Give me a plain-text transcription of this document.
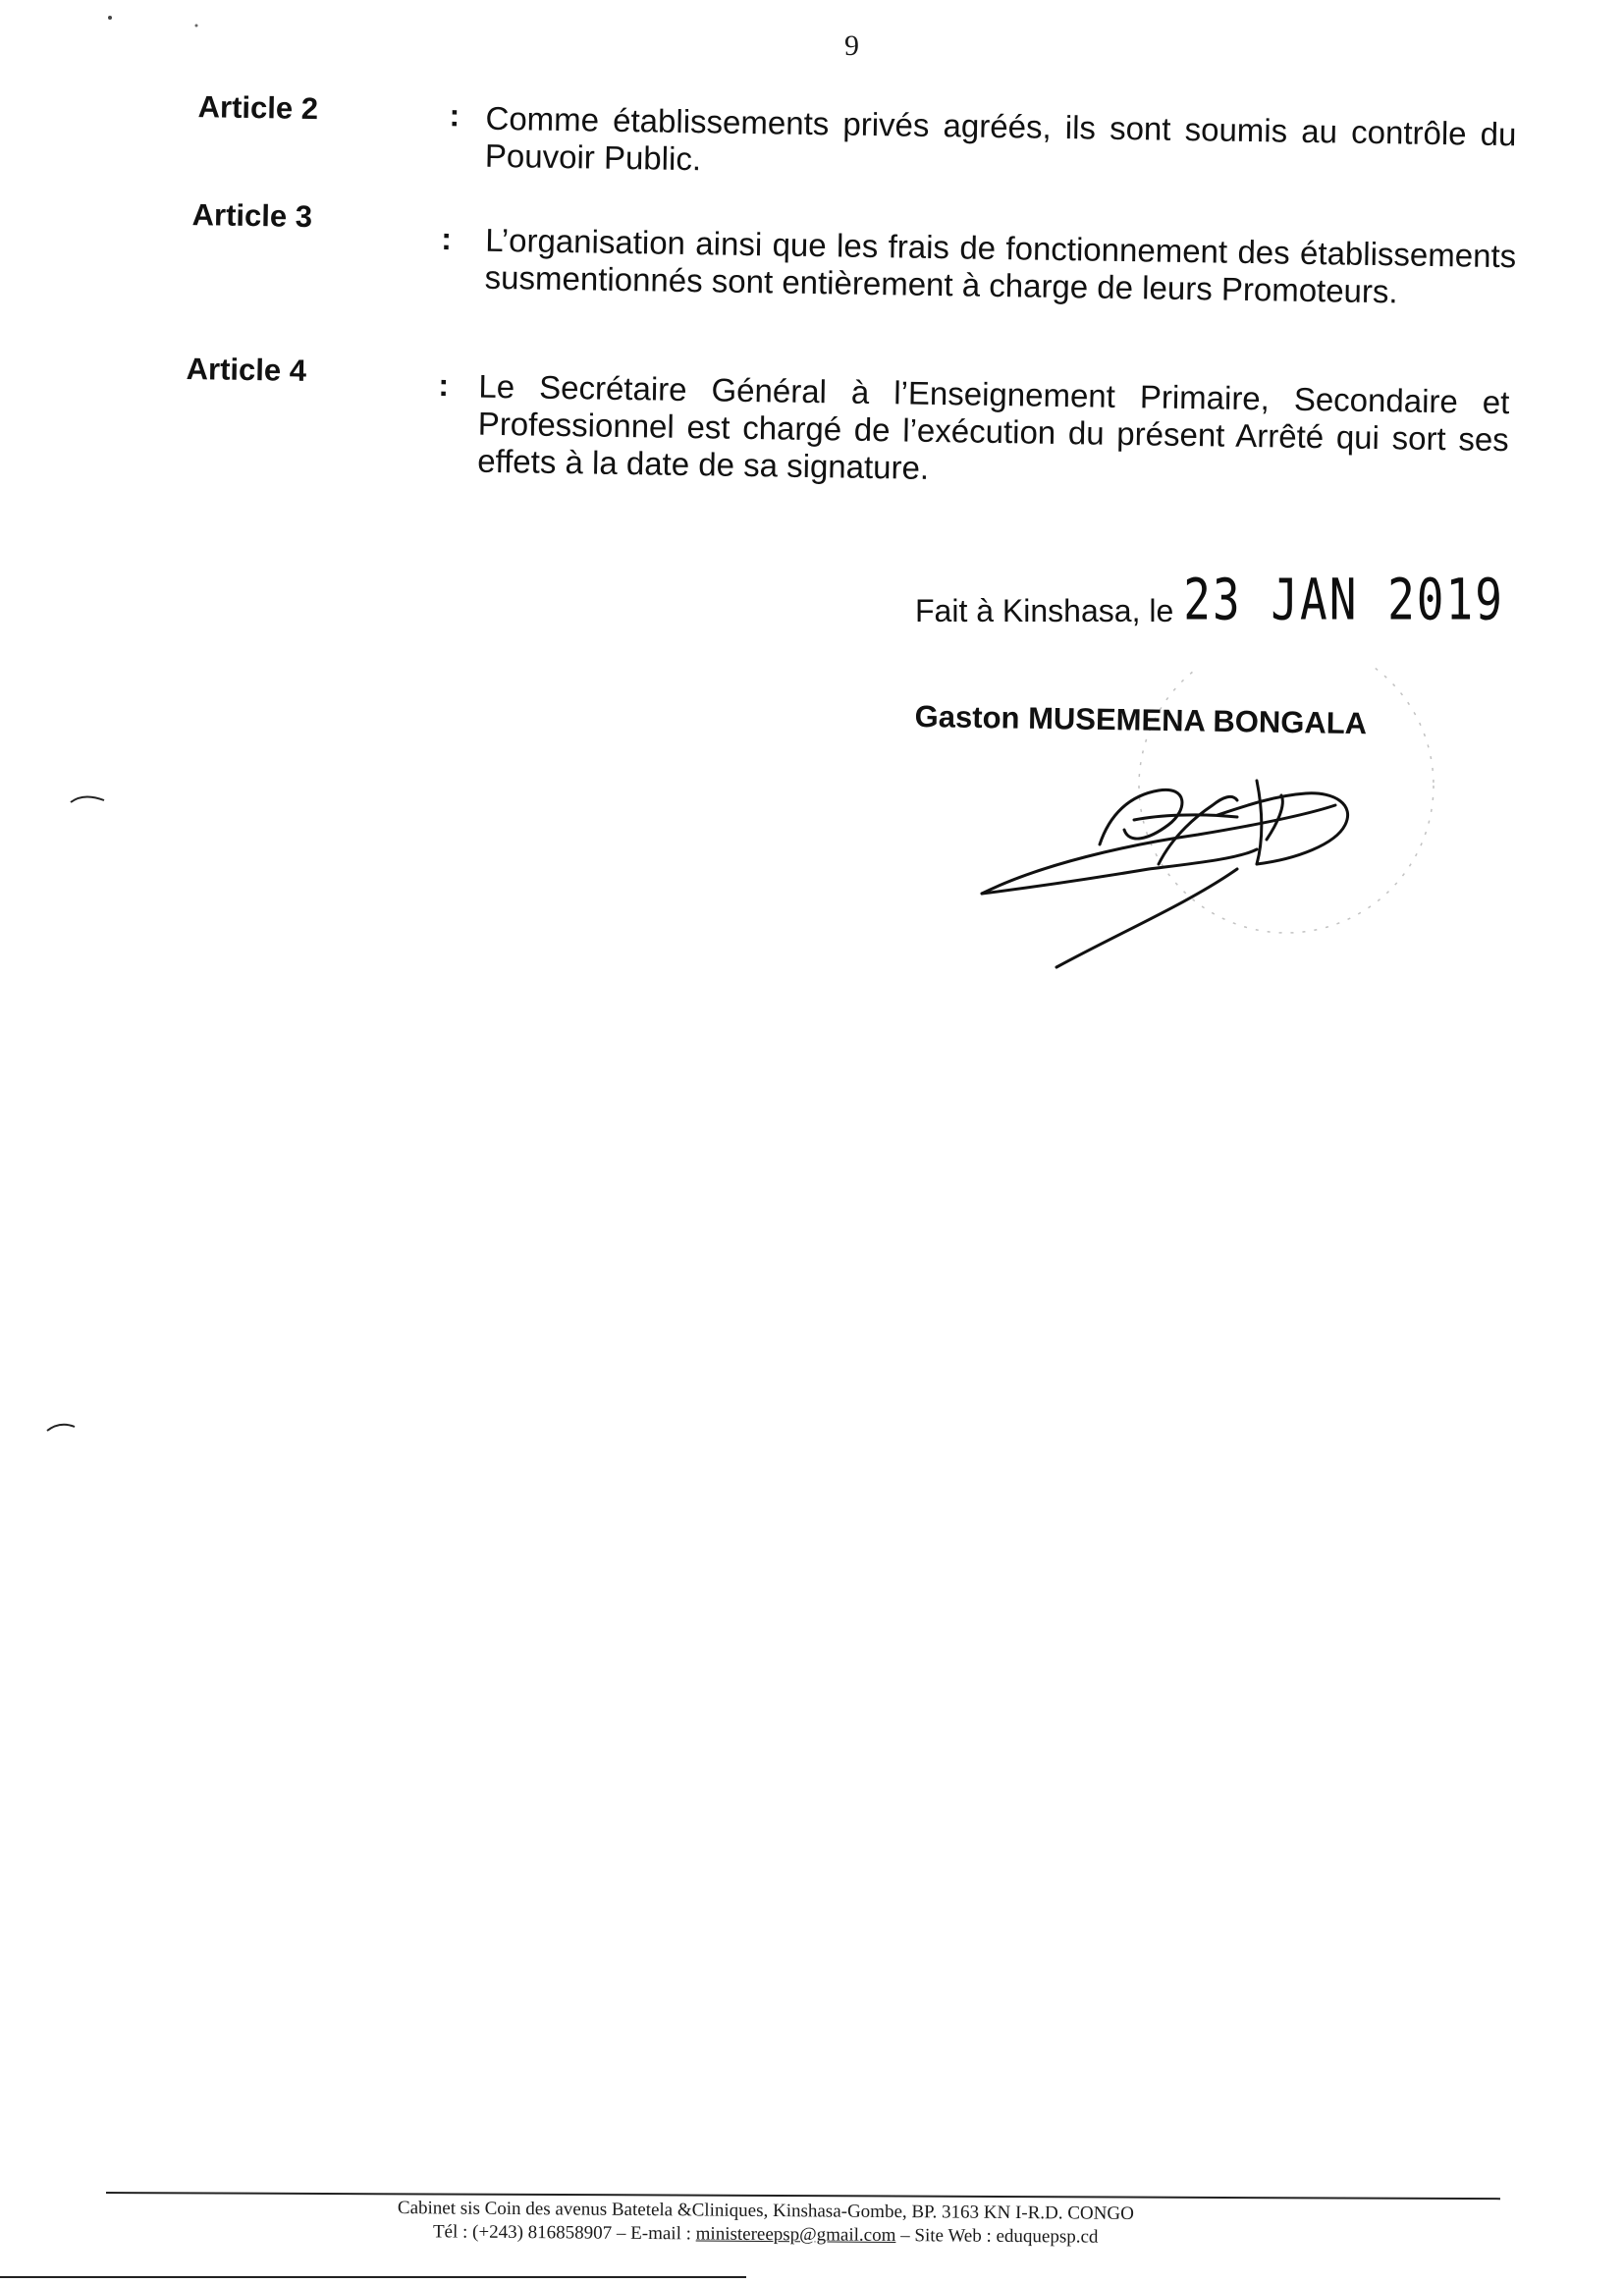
9
Article 2	: Comme établissements privés agréés, ils sont soumis au contrôle du Pouvoir Public.
Article 3
: L’organisation ainsi que les frais de fonctionnement des établissements susmentionnés sont entièrement à charge de leurs Promoteurs.
Article 4	: Le Secrétaire Général à l’Enseignement Primaire, Secondaire et Professionnel est chargé de l’exécution du présent Arrêté qui sort ses effets à la date de sa signature.
Fait à Kinshasa, le 23 JAN 2019
Gaston MUSEMENA BONGALA
Cabinet sis Coin des avenus Batetela &Cliniques, Kinshasa-Gombe, BP. 3163 KN I-R.D. CONGO
Tél : (+243) 816858907 – E-mail : ministereepsp@gmail.com – Site Web : eduquepsp.cd
